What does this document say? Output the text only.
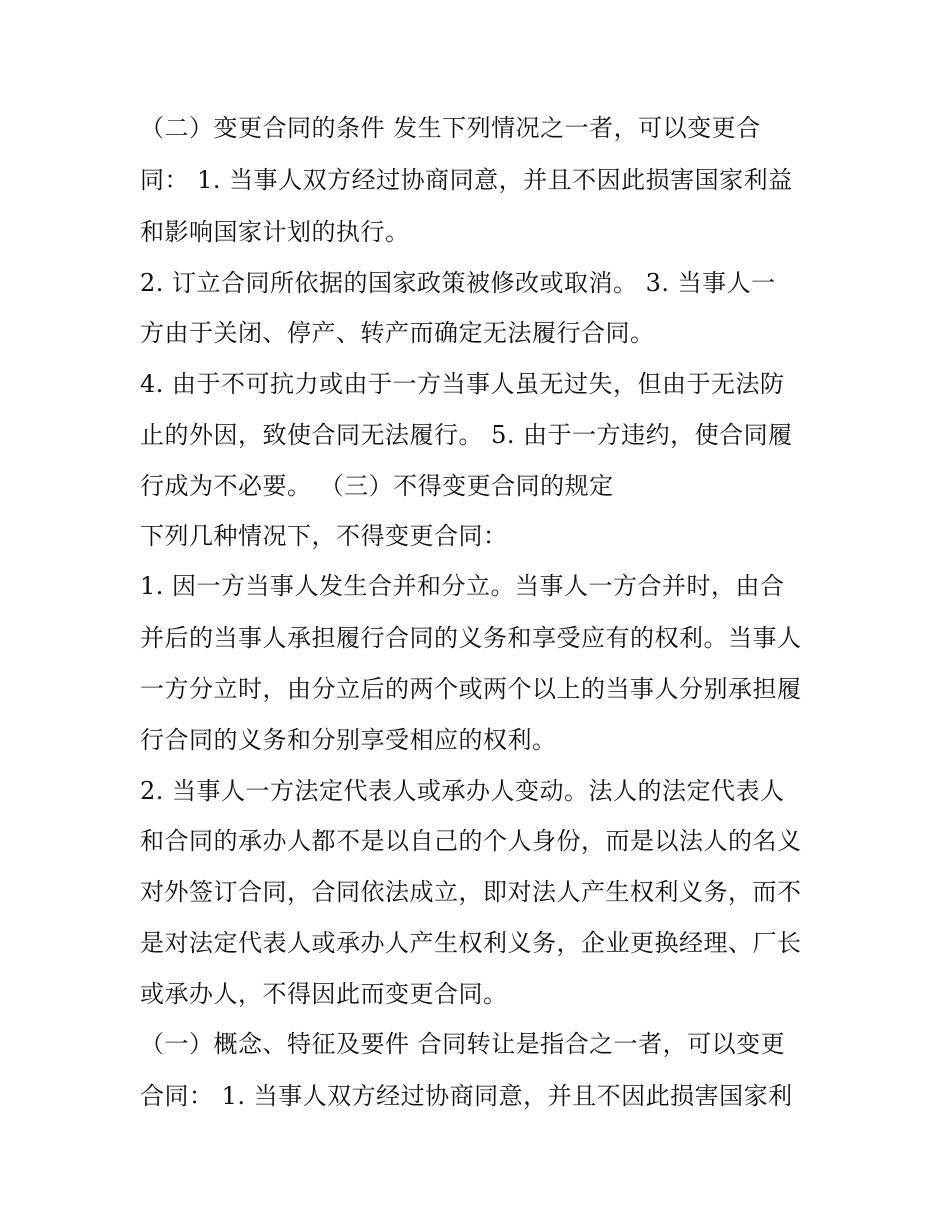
（二）变更合同的条件 发生下列情况之一者，可以变更合
同： 1. 当事人双方经过协商同意，并且不因此损害国家利益
和影响国家计划的执行。
2. 订立合同所依据的国家政策被修改或取消。 3. 当事人一
方由于关闭、停产、转产而确定无法履行合同。
4. 由于不可抗力或由于一方当事人虽无过失，但由于无法防
止的外因，致使合同无法履行。 5. 由于一方违约，使合同履
行成为不必要。 （三）不得变更合同的规定
下列几种情况下，不得变更合同：
1. 因一方当事人发生合并和分立。当事人一方合并时，由合
并后的当事人承担履行合同的义务和享受应有的权利。当事人
一方分立时，由分立后的两个或两个以上的当事人分别承担履
行合同的义务和分别享受相应的权利。
2. 当事人一方法定代表人或承办人变动。法人的法定代表人
和合同的承办人都不是以自己的个人身份，而是以法人的名义
对外签订合同，合同依法成立，即对法人产生权利义务，而不
是对法定代表人或承办人产生权利义务，企业更换经理、厂长
或承办人，不得因此而变更合同。
（一）概念、特征及要件 合同转让是指合之一者，可以变更
合同： 1. 当事人双方经过协商同意，并且不因此损害国家利
